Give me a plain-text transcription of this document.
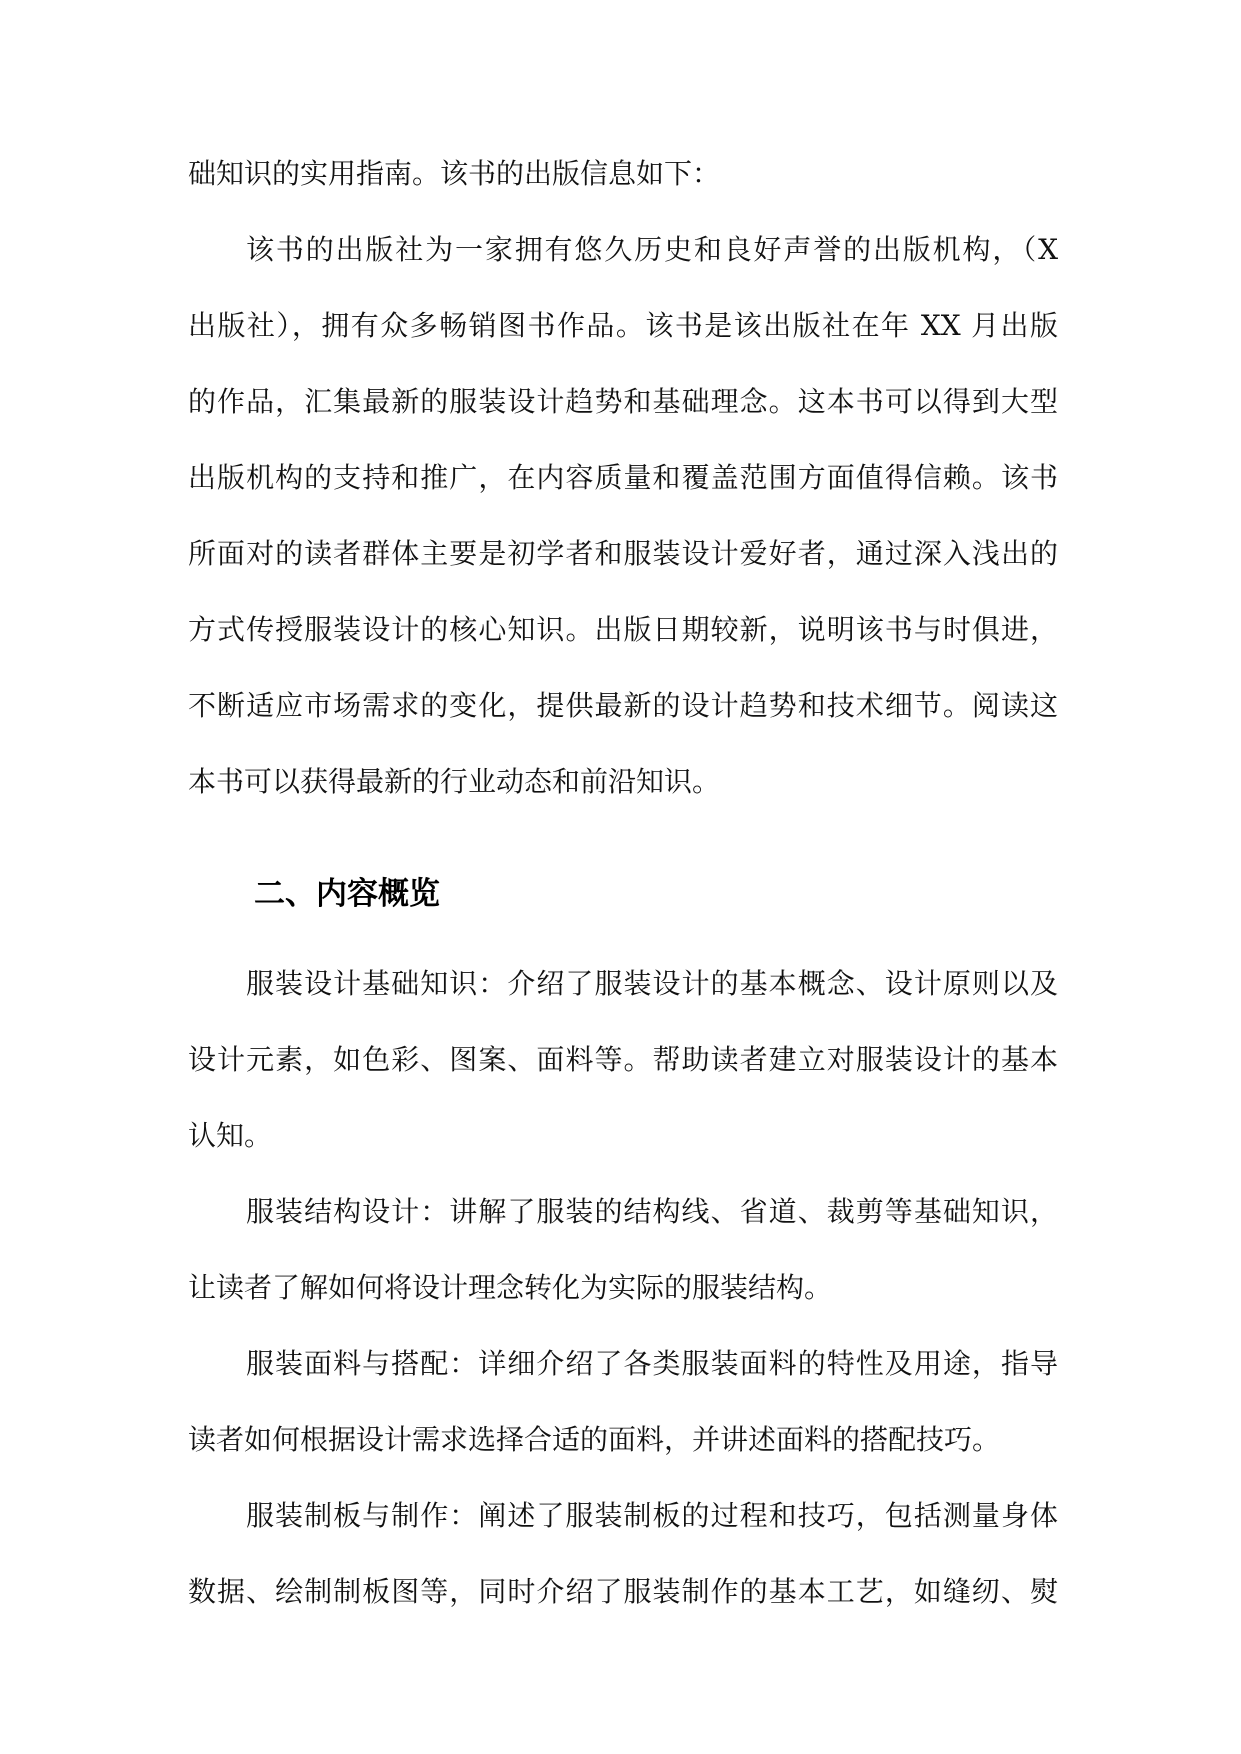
础知识的实用指南。该书的出版信息如下：
该书的出版社为一家拥有悠久历史和良好声誉的出版机构，（X
出版社），拥有众多畅销图书作品。该书是该出版社在年 XX 月出版
的作品，汇集最新的服装设计趋势和基础理念。这本书可以得到大型
出版机构的支持和推广，在内容质量和覆盖范围方面值得信赖。该书
所面对的读者群体主要是初学者和服装设计爱好者，通过深入浅出的
方式传授服装设计的核心知识。出版日期较新，说明该书与时俱进，
不断适应市场需求的变化，提供最新的设计趋势和技术细节。阅读这
本书可以获得最新的行业动态和前沿知识。
二、内容概览
服装设计基础知识：介绍了服装设计的基本概念、设计原则以及
设计元素，如色彩、图案、面料等。帮助读者建立对服装设计的基本
认知。
服装结构设计：讲解了服装的结构线、省道、裁剪等基础知识，
让读者了解如何将设计理念转化为实际的服装结构。
服装面料与搭配：详细介绍了各类服装面料的特性及用途，指导
读者如何根据设计需求选择合适的面料，并讲述面料的搭配技巧。
服装制板与制作：阐述了服装制板的过程和技巧，包括测量身体
数据、绘制制板图等，同时介绍了服装制作的基本工艺，如缝纫、熨
